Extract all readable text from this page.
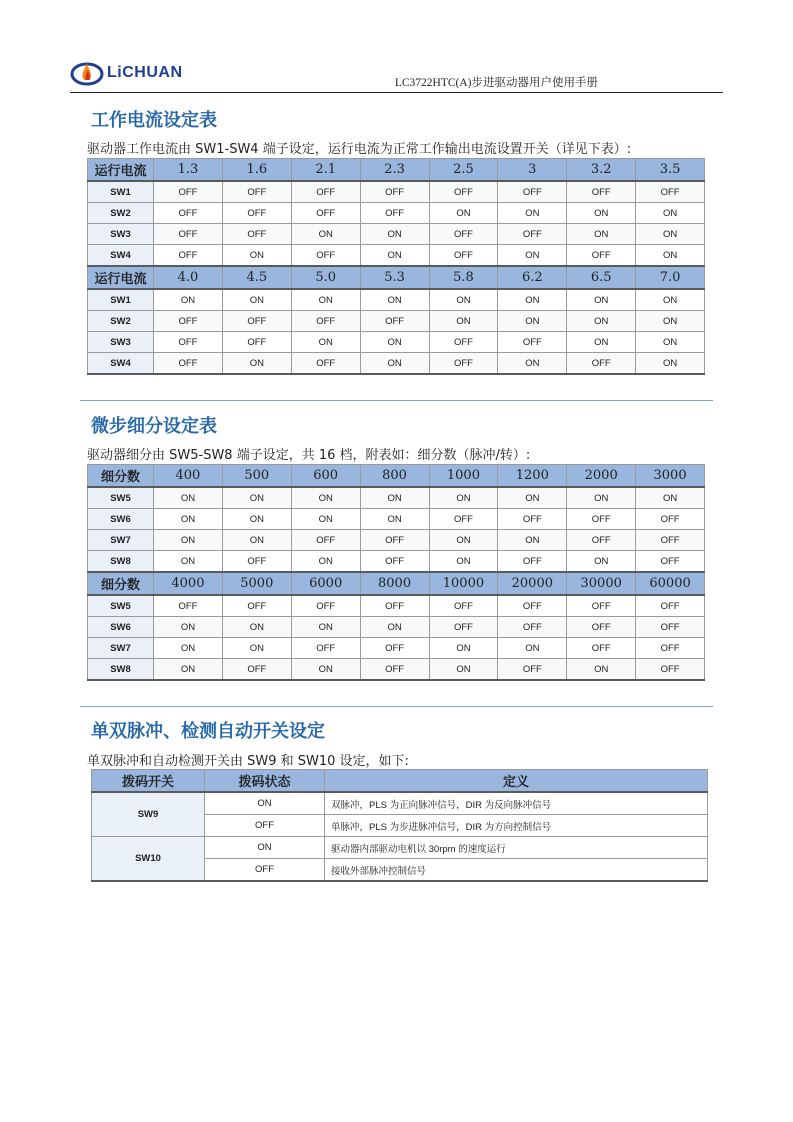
LiCHUAN
LC3722HTC(A)步进驱动器用户使用手册
工作电流设定表
驱动器工作电流由 SW1-SW4 端子设定，运行电流为正常工作输出电流设置开关（详见下表）:
运行电流	1.3	1.6	2.1	2.3	2.5	3	3.2	3.5
SW1	OFF	OFF	OFF	OFF	OFF	OFF	OFF	OFF
SW2	OFF	OFF	OFF	OFF	ON	ON	ON	ON
SW3	OFF	OFF	ON	ON	OFF	OFF	ON	ON
SW4	OFF	ON	OFF	ON	OFF	ON	OFF	ON
运行电流	4.0	4.5	5.0	5.3	5.8	6.2	6.5	7.0
SW1	ON	ON	ON	ON	ON	ON	ON	ON
SW2	OFF	OFF	OFF	OFF	ON	ON	ON	ON
SW3	OFF	OFF	ON	ON	OFF	OFF	ON	ON
SW4	OFF	ON	OFF	ON	OFF	ON	OFF	ON
微步细分设定表
驱动器细分由 SW5-SW8 端子设定，共 16 档，附表如：细分数（脉冲/转）:
细分数	400	500	600	800	1000	1200	2000	3000
SW5	ON	ON	ON	ON	ON	ON	ON	ON
SW6	ON	ON	ON	ON	OFF	OFF	OFF	OFF
SW7	ON	ON	OFF	OFF	ON	ON	OFF	OFF
SW8	ON	OFF	ON	OFF	ON	OFF	ON	OFF
细分数	4000	5000	6000	8000	10000	20000	30000	60000
SW5	OFF	OFF	OFF	OFF	OFF	OFF	OFF	OFF
SW6	ON	ON	ON	ON	OFF	OFF	OFF	OFF
SW7	ON	ON	OFF	OFF	ON	ON	OFF	OFF
SW8	ON	OFF	ON	OFF	ON	OFF	ON	OFF
单双脉冲、检测自动开关设定
单双脉冲和自动检测开关由 SW9 和 SW10 设定，如下:
拨码开关	拨码状态	定义
SW9	ON	双脉冲，PLS 为正向脉冲信号，DIR 为反向脉冲信号
	OFF	单脉冲，PLS 为步进脉冲信号，DIR 为方向控制信号
SW10	ON	驱动器内部驱动电机以 30rpm 的速度运行
	OFF	接收外部脉冲控制信号
